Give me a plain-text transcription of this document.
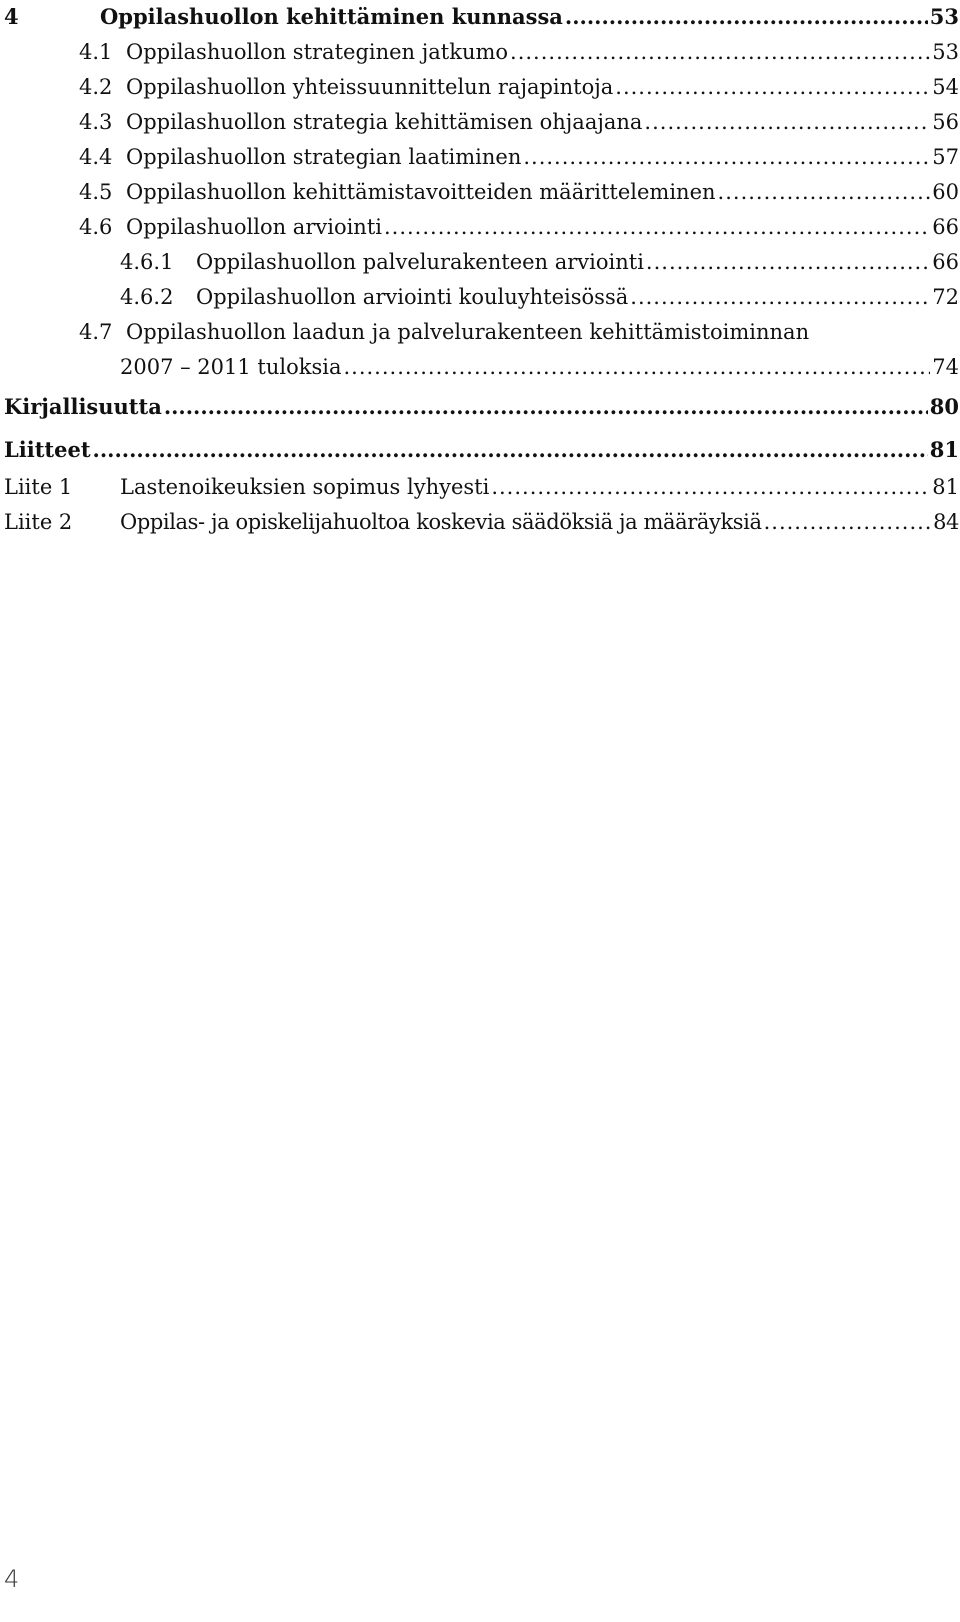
4	Oppilashuollon kehittäminen kunnassa .....	53
4.1 Oppilashuollon strateginen jatkumo .....	53
4.2 Oppilashuollon yhteissuunnittelun rajapintoja .....	54
4.3 Oppilashuollon strategia kehittämisen ohjaajana .....	56
4.4 Oppilashuollon strategian laatiminen .....	57
4.5 Oppilashuollon kehittämistavoitteiden määritteleminen .....	60
4.6 Oppilashuollon arviointi .....	66
4.6.1 Oppilashuollon palvelurakenteen arviointi .....	66
4.6.2 Oppilashuollon arviointi kouluyhteisössä .....	72
4.7 Oppilashuollon laadun ja palvelurakenteen kehittämistoiminnan
2007 – 2011 tuloksia .....	74
Kirjallisuutta .....	80
Liitteet .....	81
Liite 1 Lastenoikeuksien sopimus lyhyesti .....	81
Liite 2 Oppilas- ja opiskelijahuoltoa koskevia säädöksiä ja määräyksiä .....	84
4
